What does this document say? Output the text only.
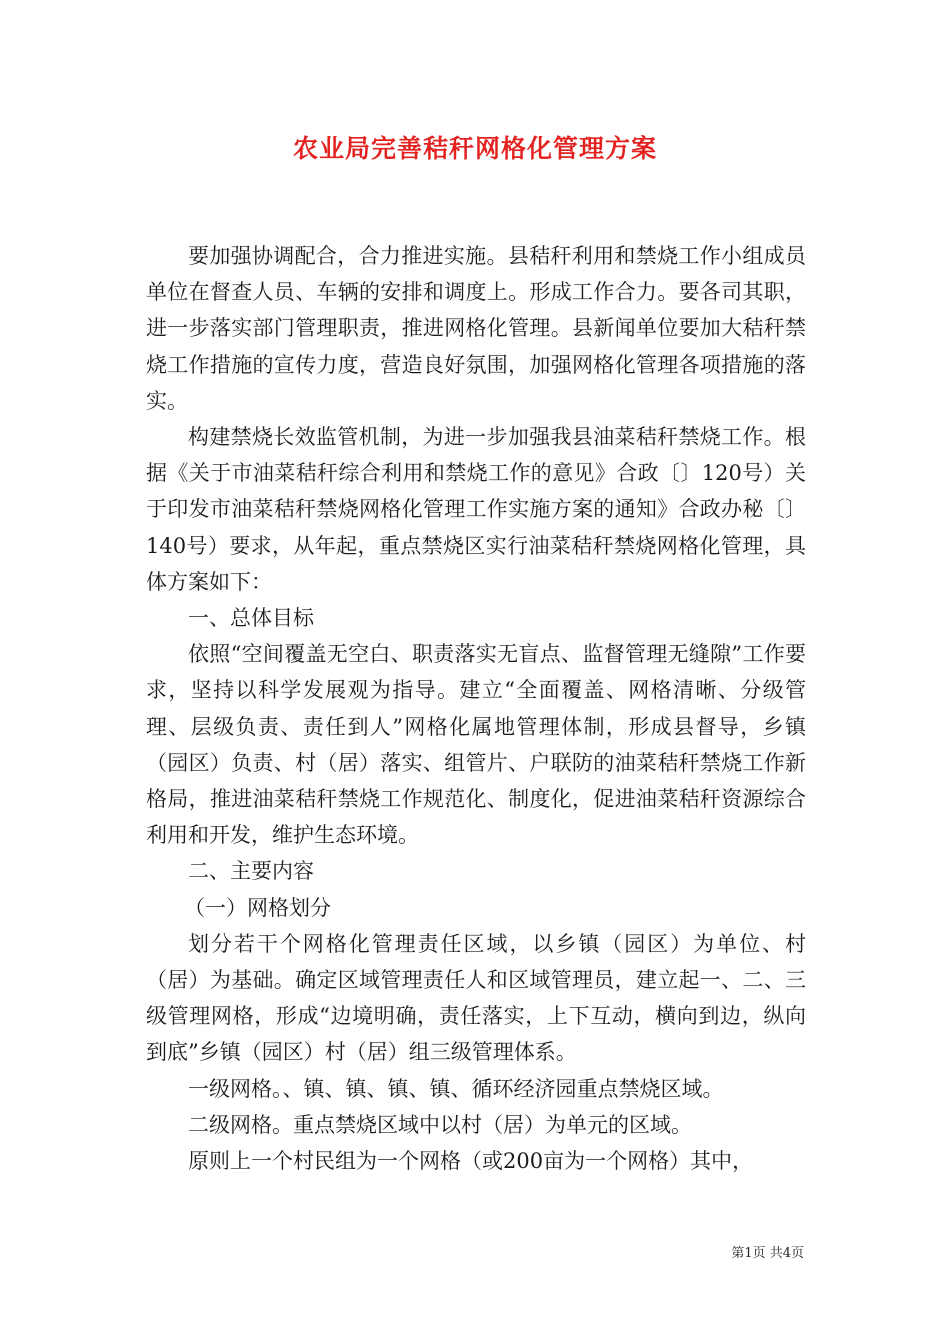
农业局完善秸秆网格化管理方案

要加强协调配合，合力推进实施。县秸秆利用和禁烧工作小组成员单位在督查人员、车辆的安排和调度上。形成工作合力。要各司其职，进一步落实部门管理职责，推进网格化管理。县新闻单位要加大秸秆禁烧工作措施的宣传力度，营造良好氛围，加强网格化管理各项措施的落实。

构建禁烧长效监管机制，为进一步加强我县油菜秸秆禁烧工作。根据《关于市油菜秸秆综合利用和禁烧工作的意见》合政〔〕120号）关于印发市油菜秸秆禁烧网格化管理工作实施方案的通知》合政办秘〔〕140号）要求，从年起，重点禁烧区实行油菜秸秆禁烧网格化管理，具体方案如下：

一、总体目标

依照“空间覆盖无空白、职责落实无盲点、监督管理无缝隙”工作要求，坚持以科学发展观为指导。建立“全面覆盖、网格清晰、分级管理、层级负责、责任到人”网格化属地管理体制，形成县督导，乡镇（园区）负责、村（居）落实、组管片、户联防的油菜秸秆禁烧工作新格局，推进油菜秸秆禁烧工作规范化、制度化，促进油菜秸秆资源综合利用和开发，维护生态环境。

二、主要内容

（一）网格划分

划分若干个网格化管理责任区域，以乡镇（园区）为单位、村（居）为基础。确定区域管理责任人和区域管理员，建立起一、二、三级管理网格，形成“边境明确，责任落实，上下互动，横向到边，纵向到底”乡镇（园区）村（居）组三级管理体系。

一级网格。、镇、镇、镇、镇、循环经济园重点禁烧区域。

二级网格。重点禁烧区域中以村（居）为单元的区域。

原则上一个村民组为一个网格（或200亩为一个网格）其中，

第1页 共4页
